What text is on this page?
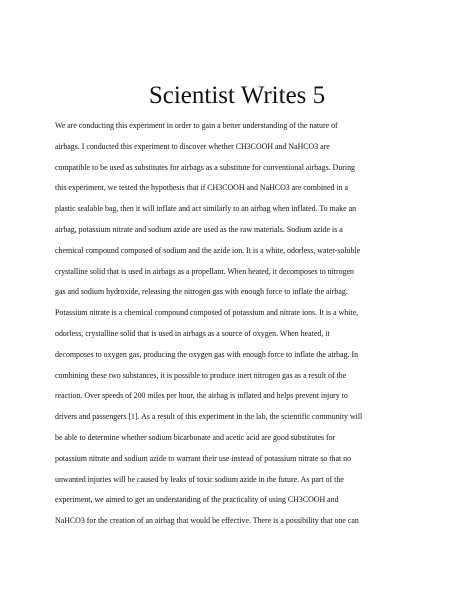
Scientist Writes 5
We are conducting this experiment in order to gain a better understanding of the nature of
airbags. I conducted this experiment to discover whether CH3COOH and NaHCO3 are
compatible to be used as substitutes for airbags as a substitute for conventional airbags. During
this experiment, we tested the hypothesis that if CH3COOH and NaHCO3 are combined in a
plastic sealable bag, then it will inflate and act similarly to an airbag when inflated. To make an
airbag, potassium nitrate and sodium azide are used as the raw materials. Sodium azide is a
chemical compound composed of sodium and the azide ion. It is a white, odorless, water-soluble
crystalline solid that is used in airbags as a propellant. When heated, it decomposes to nitrogen
gas and sodium hydroxide, releasing the nitrogen gas with enough force to inflate the airbag.
Potassium nitrate is a chemical compound composed of potassium and nitrate ions. It is a white,
odorless, crystalline solid that is used in airbags as a source of oxygen. When heated, it
decomposes to oxygen gas, producing the oxygen gas with enough force to inflate the airbag. In
combining these two substances, it is possible to produce inert nitrogen gas as a result of the
reaction. Over speeds of 200 miles per hour, the airbag is inflated and helps prevent injury to
drivers and passengers [1]. As a result of this experiment in the lab, the scientific community will
be able to determine whether sodium bicarbonate and acetic acid are good substitutes for
potassium nitrate and sodium azide to warrant their use instead of potassium nitrate so that no
unwanted injuries will be caused by leaks of toxic sodium azide in the future. As part of the
experiment, we aimed to get an understanding of the practicality of using CH3COOH and
NaHCO3 for the creation of an airbag that would be effective. There is a possibility that one can
